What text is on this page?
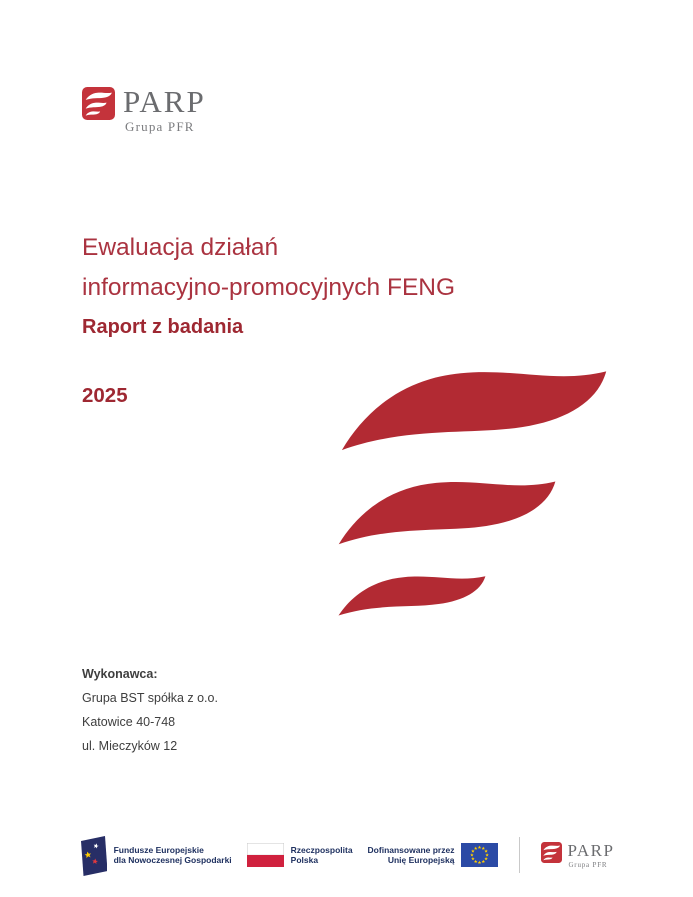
PARP
Grupa PFR
Ewaluacja działań
informacyjno-promocyjnych FENG
Raport z badania
2025
Wykonawca:
Grupa BST spółka z o.o.
Katowice 40-748
ul. Mieczyków 12
Fundusze Europejskie
dla Nowoczesnej Gospodarki
Rzeczpospolita
Polska
Dofinansowane przez
Unię Europejską
PARP
Grupa PFR
